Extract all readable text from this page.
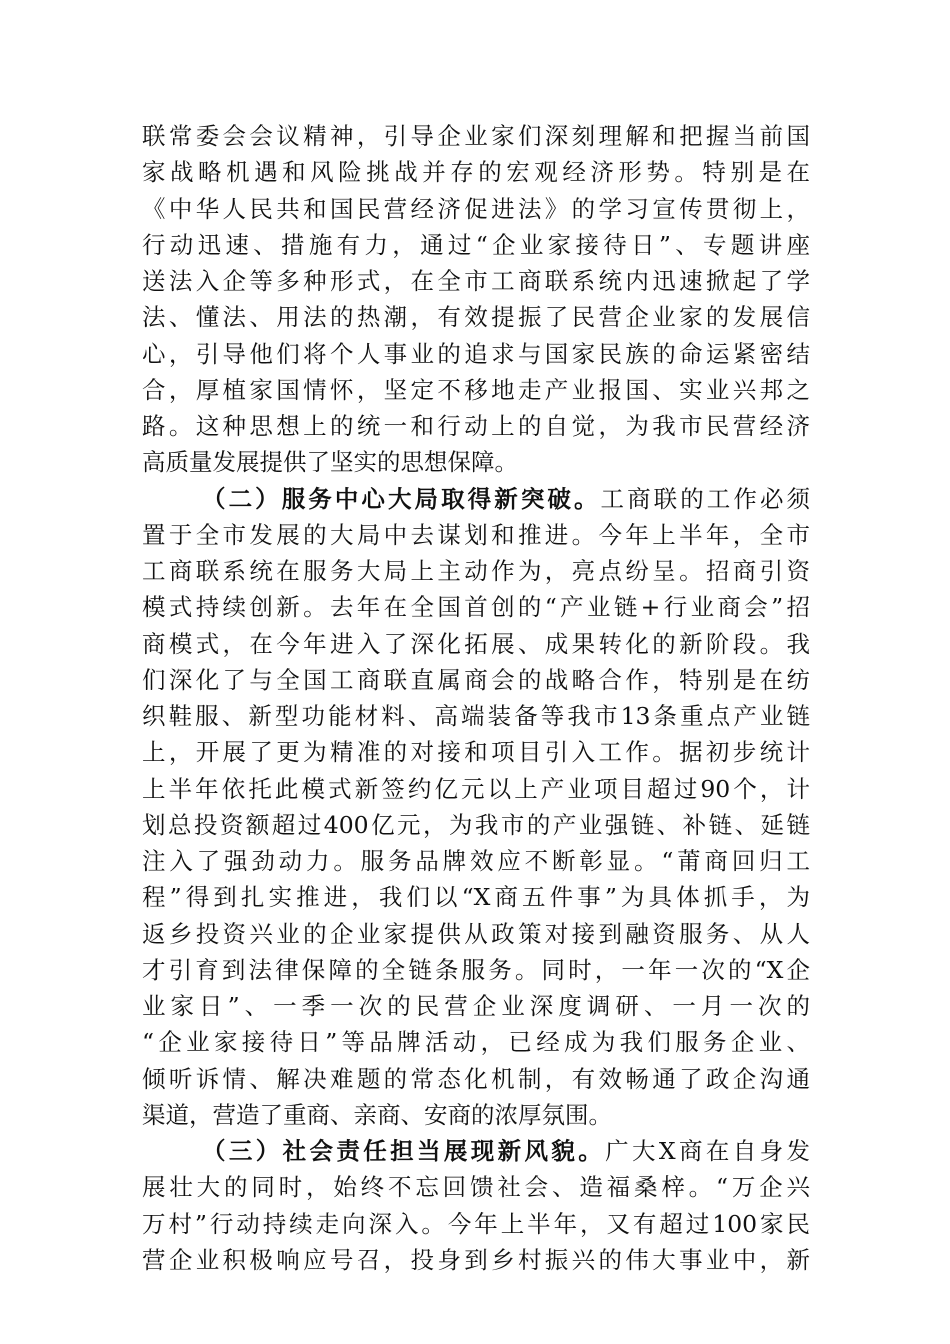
联常委会会议精神，引导企业家们深刻理解和把握当前国
家战略机遇和风险挑战并存的宏观经济形势。特别是在
《中华人民共和国民营经济促进法》的学习宣传贯彻上，
行动迅速、措施有力，通过“企业家接待日”、专题讲座
送法入企等多种形式，在全市工商联系统内迅速掀起了学
法、懂法、用法的热潮，有效提振了民营企业家的发展信
心，引导他们将个人事业的追求与国家民族的命运紧密结
合，厚植家国情怀，坚定不移地走产业报国、实业兴邦之
路。这种思想上的统一和行动上的自觉，为我市民营经济
高质量发展提供了坚实的思想保障。
（二）服务中心大局取得新突破。工商联的工作必须
置于全市发展的大局中去谋划和推进。今年上半年，全市
工商联系统在服务大局上主动作为，亮点纷呈。招商引资
模式持续创新。去年在全国首创的“产业链+行业商会”招
商模式，在今年进入了深化拓展、成果转化的新阶段。我
们深化了与全国工商联直属商会的战略合作，特别是在纺
织鞋服、新型功能材料、高端装备等我市13条重点产业链
上，开展了更为精准的对接和项目引入工作。据初步统计
上半年依托此模式新签约亿元以上产业项目超过90个，计
划总投资额超过400亿元，为我市的产业强链、补链、延链
注入了强劲动力。服务品牌效应不断彰显。“莆商回归工
程”得到扎实推进，我们以“X商五件事”为具体抓手，为
返乡投资兴业的企业家提供从政策对接到融资服务、从人
才引育到法律保障的全链条服务。同时，一年一次的“X企
业家日”、一季一次的民营企业深度调研、一月一次的
“企业家接待日”等品牌活动，已经成为我们服务企业、
倾听诉情、解决难题的常态化机制，有效畅通了政企沟通
渠道，营造了重商、亲商、安商的浓厚氛围。
（三）社会责任担当展现新风貌。广大X商在自身发
展壮大的同时，始终不忘回馈社会、造福桑梓。“万企兴
万村”行动持续走向深入。今年上半年，又有超过100家民
营企业积极响应号召，投身到乡村振兴的伟大事业中，新
